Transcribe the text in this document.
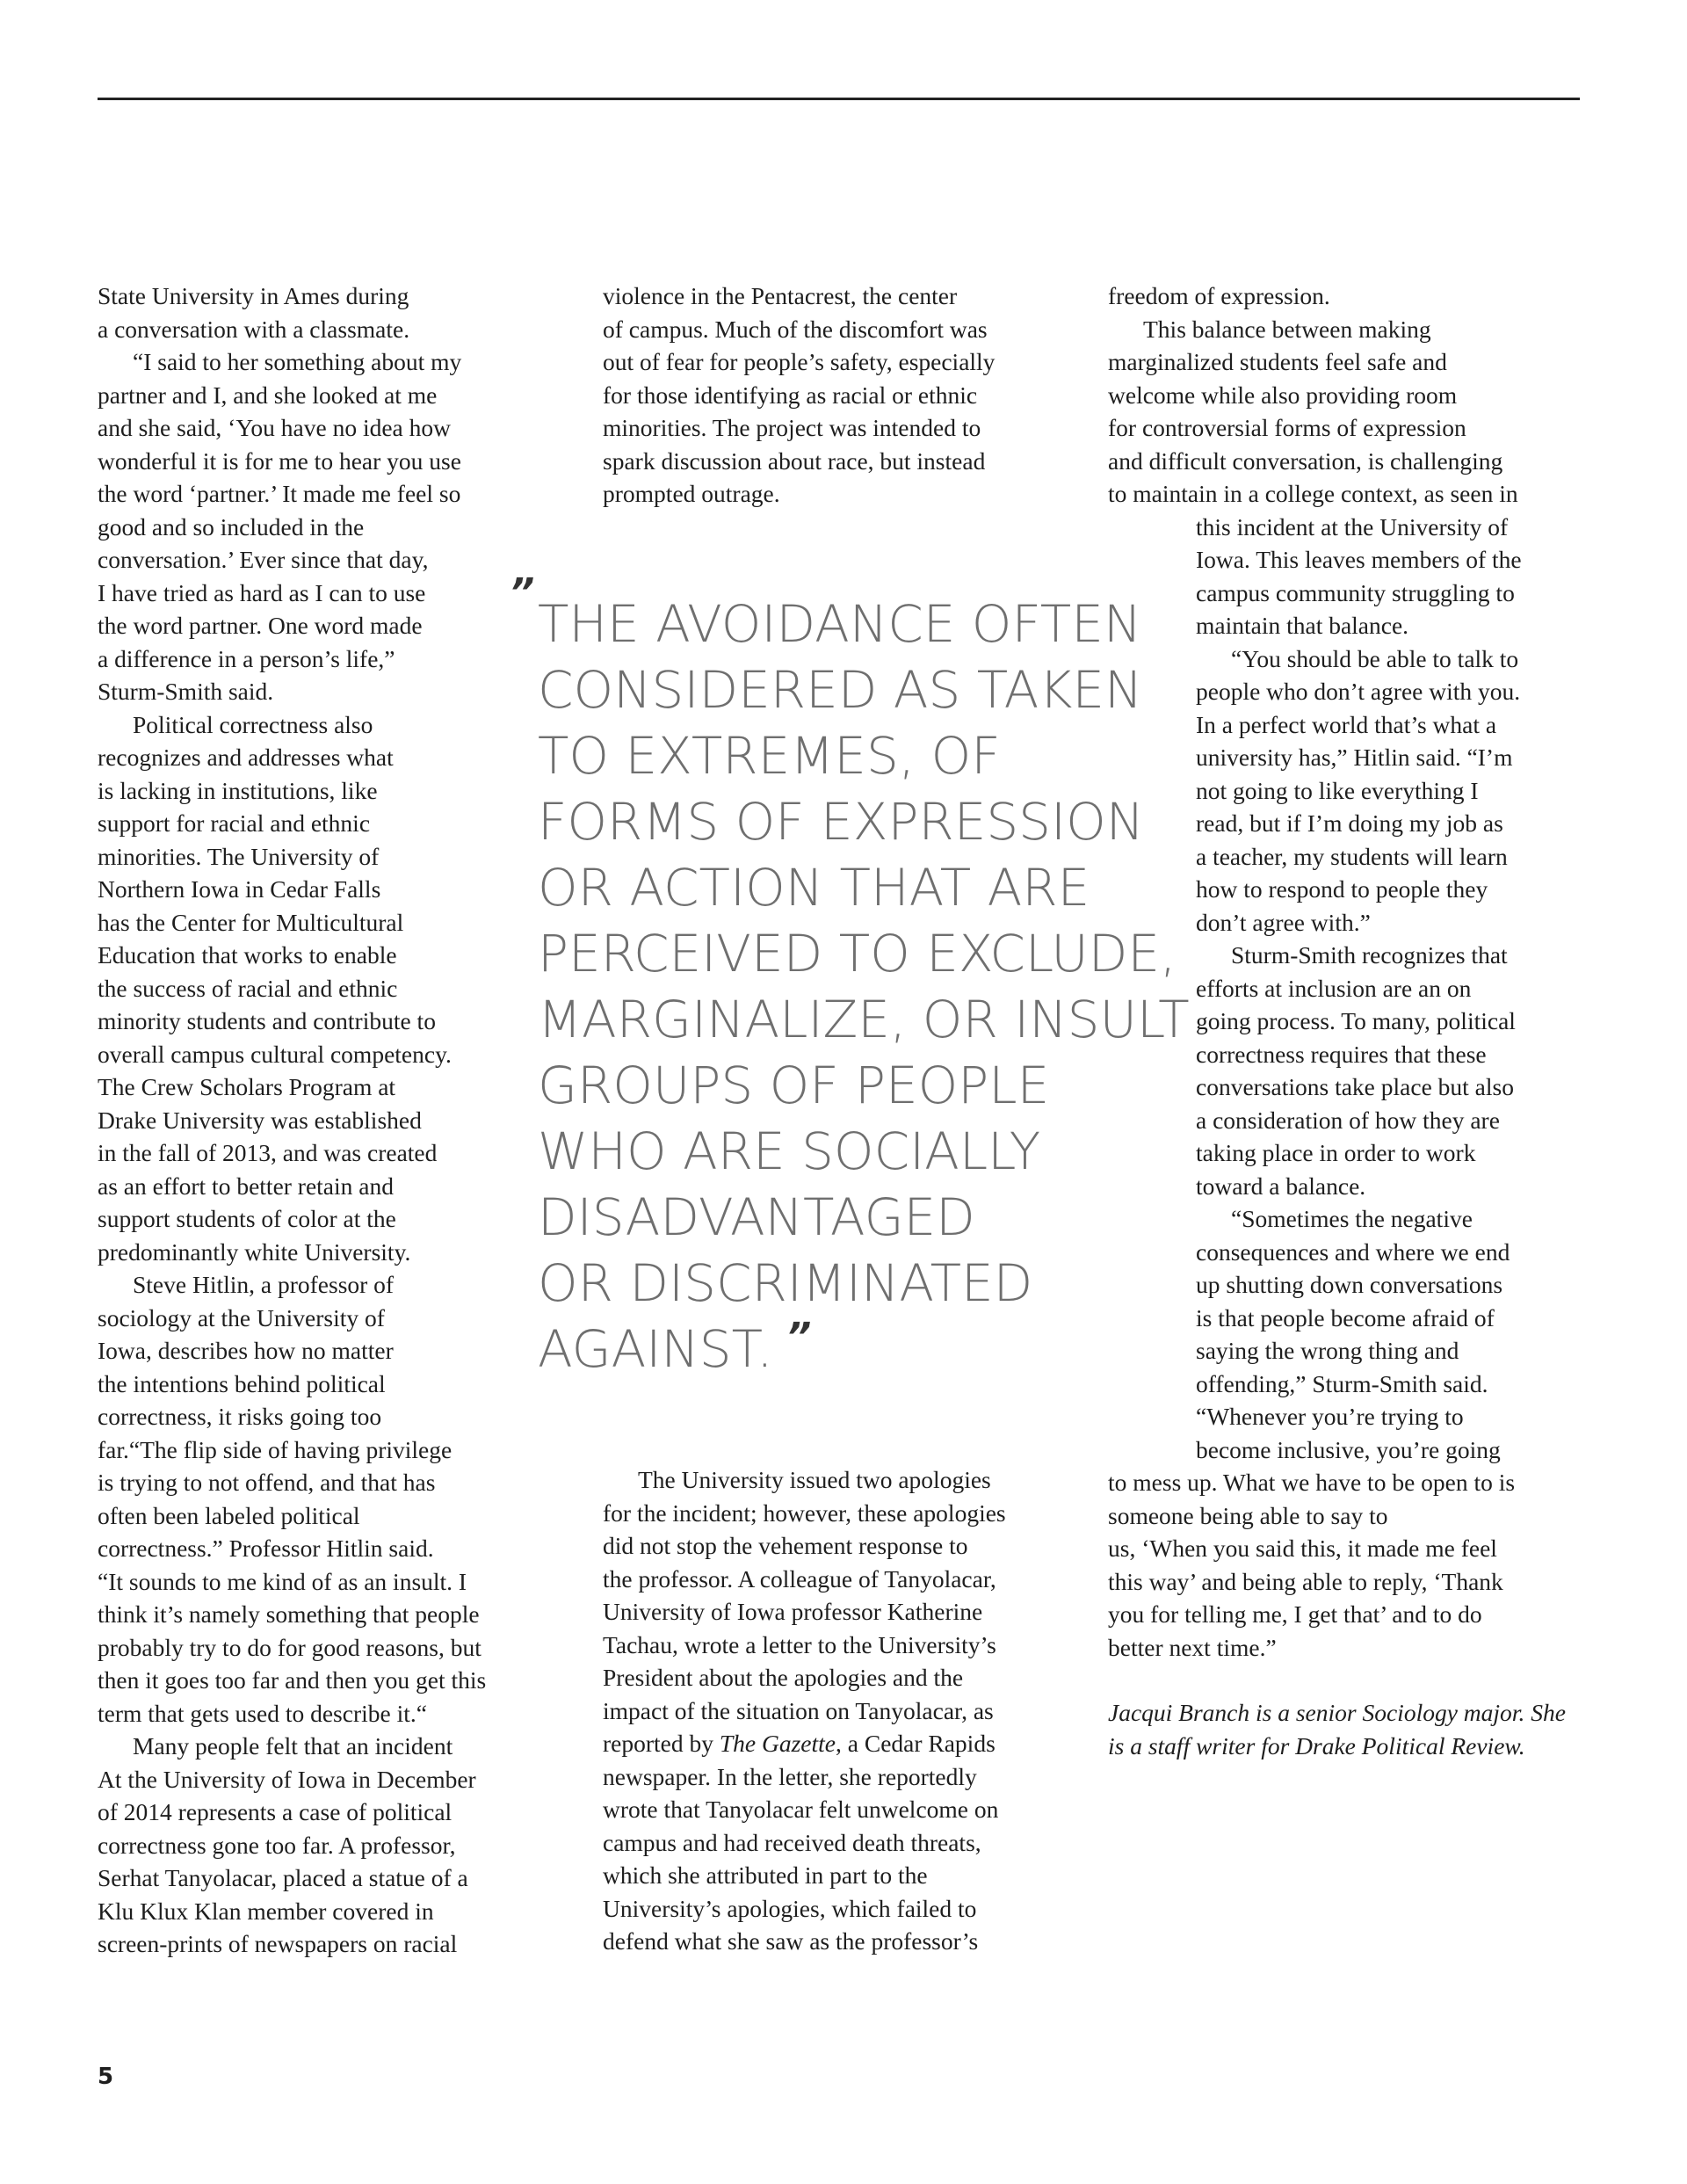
State University in Ames during
a conversation with a classmate.

“I said to her something about my
partner and I, and she looked at me
and she said, ‘You have no idea how
wonderful it is for me to hear you use
the word ‘partner.’ It made me feel so
good and so included in the
conversation.’ Ever since that day,
I have tried as hard as I can to use
the word partner. One word made
a difference in a person’s life,”
Sturm-Smith said.

Political correctness also
recognizes and addresses what
is lacking in institutions, like
support for racial and ethnic
minorities. The University of
Northern Iowa in Cedar Falls
has the Center for Multicultural
Education that works to enable
the success of racial and ethnic
minority students and contribute to
overall campus cultural competency.
The Crew Scholars Program at
Drake University was established
in the fall of 2013, and was created
as an effort to better retain and
support students of color at the
predominantly white University.

Steve Hitlin, a professor of
sociology at the University of
Iowa, describes how no matter
the intentions behind political
correctness, it risks going too
far.“The flip side of having privilege
is trying to not offend, and that has
often been labeled political
correctness.” Professor Hitlin said.
“It sounds to me kind of as an insult. I
think it’s namely something that people
probably try to do for good reasons, but
then it goes too far and then you get this
term that gets used to describe it.“

Many people felt that an incident
At the University of Iowa in December
of 2014 represents a case of political
correctness gone too far. A professor,
Serhat Tanyolacar, placed a statue of a
Klu Klux Klan member covered in
screen-prints of newspapers on racial

violence in the Pentacrest, the center
of campus. Much of the discomfort was
out of fear for people’s safety, especially
for those identifying as racial or ethnic
minorities. The project was intended to
spark discussion about race, but instead
prompted outrage.

”
THE AVOIDANCE OFTEN
CONSIDERED AS TAKEN
TO EXTREMES, OF
FORMS OF EXPRESSION
OR ACTION THAT ARE
PERCEIVED TO EXCLUDE,
MARGINALIZE, OR INSULT
GROUPS OF PEOPLE
WHO ARE SOCIALLY
DISADVANTAGED
OR DISCRIMINATED
AGAINST. ”

The University issued two apologies
for the incident; however, these apologies
did not stop the vehement response to
the professor. A colleague of Tanyolacar,
University of Iowa professor Katherine
Tachau, wrote a letter to the University’s
President about the apologies and the
impact of the situation on Tanyolacar, as
reported by The Gazette, a Cedar Rapids
newspaper. In the letter, she reportedly
wrote that Tanyolacar felt unwelcome on
campus and had received death threats,
which she attributed in part to the
University’s apologies, which failed to
defend what she saw as the professor’s

freedom of expression.

This balance between making
marginalized students feel safe and
welcome while also providing room
for controversial forms of expression
and difficult conversation, is challenging
to maintain in a college context, as seen in

this incident at the University of
Iowa. This leaves members of the
campus community struggling to
maintain that balance.

“You should be able to talk to
people who don’t agree with you.
In a perfect world that’s what a
university has,” Hitlin said. “I’m
not going to like everything I
read, but if I’m doing my job as
a teacher, my students will learn
how to respond to people they
don’t agree with.”

Sturm-Smith recognizes that
efforts at inclusion are an on
going process. To many, political
correctness requires that these
conversations take place but also
a consideration of how they are
taking place in order to work
toward a balance.

“Sometimes the negative
consequences and where we end
up shutting down conversations
is that people become afraid of
saying the wrong thing and
offending,” Sturm-Smith said.
“Whenever you’re trying to
become inclusive, you’re going

to mess up. What we have to be open to is
someone being able to say to
us, ‘When you said this, it made me feel
this way’ and being able to reply, ‘Thank
you for telling me, I get that’ and to do
better next time.”

Jacqui Branch is a senior Sociology major. She
is a staff writer for Drake Political Review.

5
